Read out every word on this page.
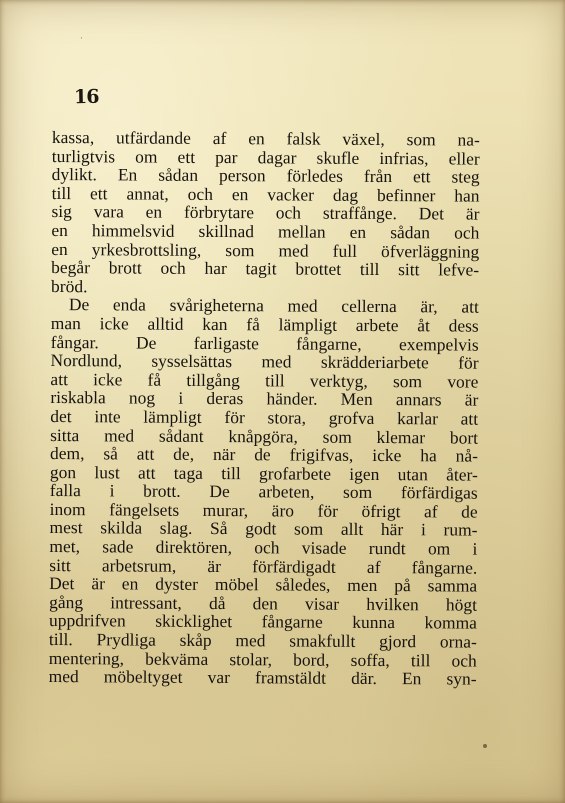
·
16
kassa, utfärdande af en falsk växel, som na-
turligtvis om ett par dagar skufle infrias, eller
dylikt. En sådan person förledes från ett steg
till ett annat, och en vacker dag befinner han
sig vara en förbrytare och straffånge. Det är
en himmelsvid skillnad mellan en sådan och
en yrkesbrottsling, som med full öfverläggning
begår brott och har tagit brottet till sitt lefve-
bröd.
De enda svårigheterna med cellerna är, att
man icke alltid kan få lämpligt arbete åt dess
fångar. De farligaste fångarne, exempelvis
Nordlund, sysselsättas med skrädderiarbete för
att icke få tillgång till verktyg, som vore
riskabla nog i deras händer. Men annars är
det inte lämpligt för stora, grofva karlar att
sitta med sådant knåpgöra, som klemar bort
dem, så att de, när de frigifvas, icke ha nå-
gon lust att taga till grofarbete igen utan åter-
falla i brott. De arbeten, som förfärdigas
inom fängelsets murar, äro för öfrigt af de
mest skilda slag. Så godt som allt här i rum-
met, sade direktören, och visade rundt om i
sitt arbetsrum, är förfärdigadt af fångarne.
Det är en dyster möbel således, men på samma
gång intressant, då den visar hvilken högt
uppdrifven skicklighet fångarne kunna komma
till. Prydliga skåp med smakfullt gjord orna-
mentering, bekväma stolar, bord, soffa, till och
med möbeltyget var framstäldt där. En syn-
